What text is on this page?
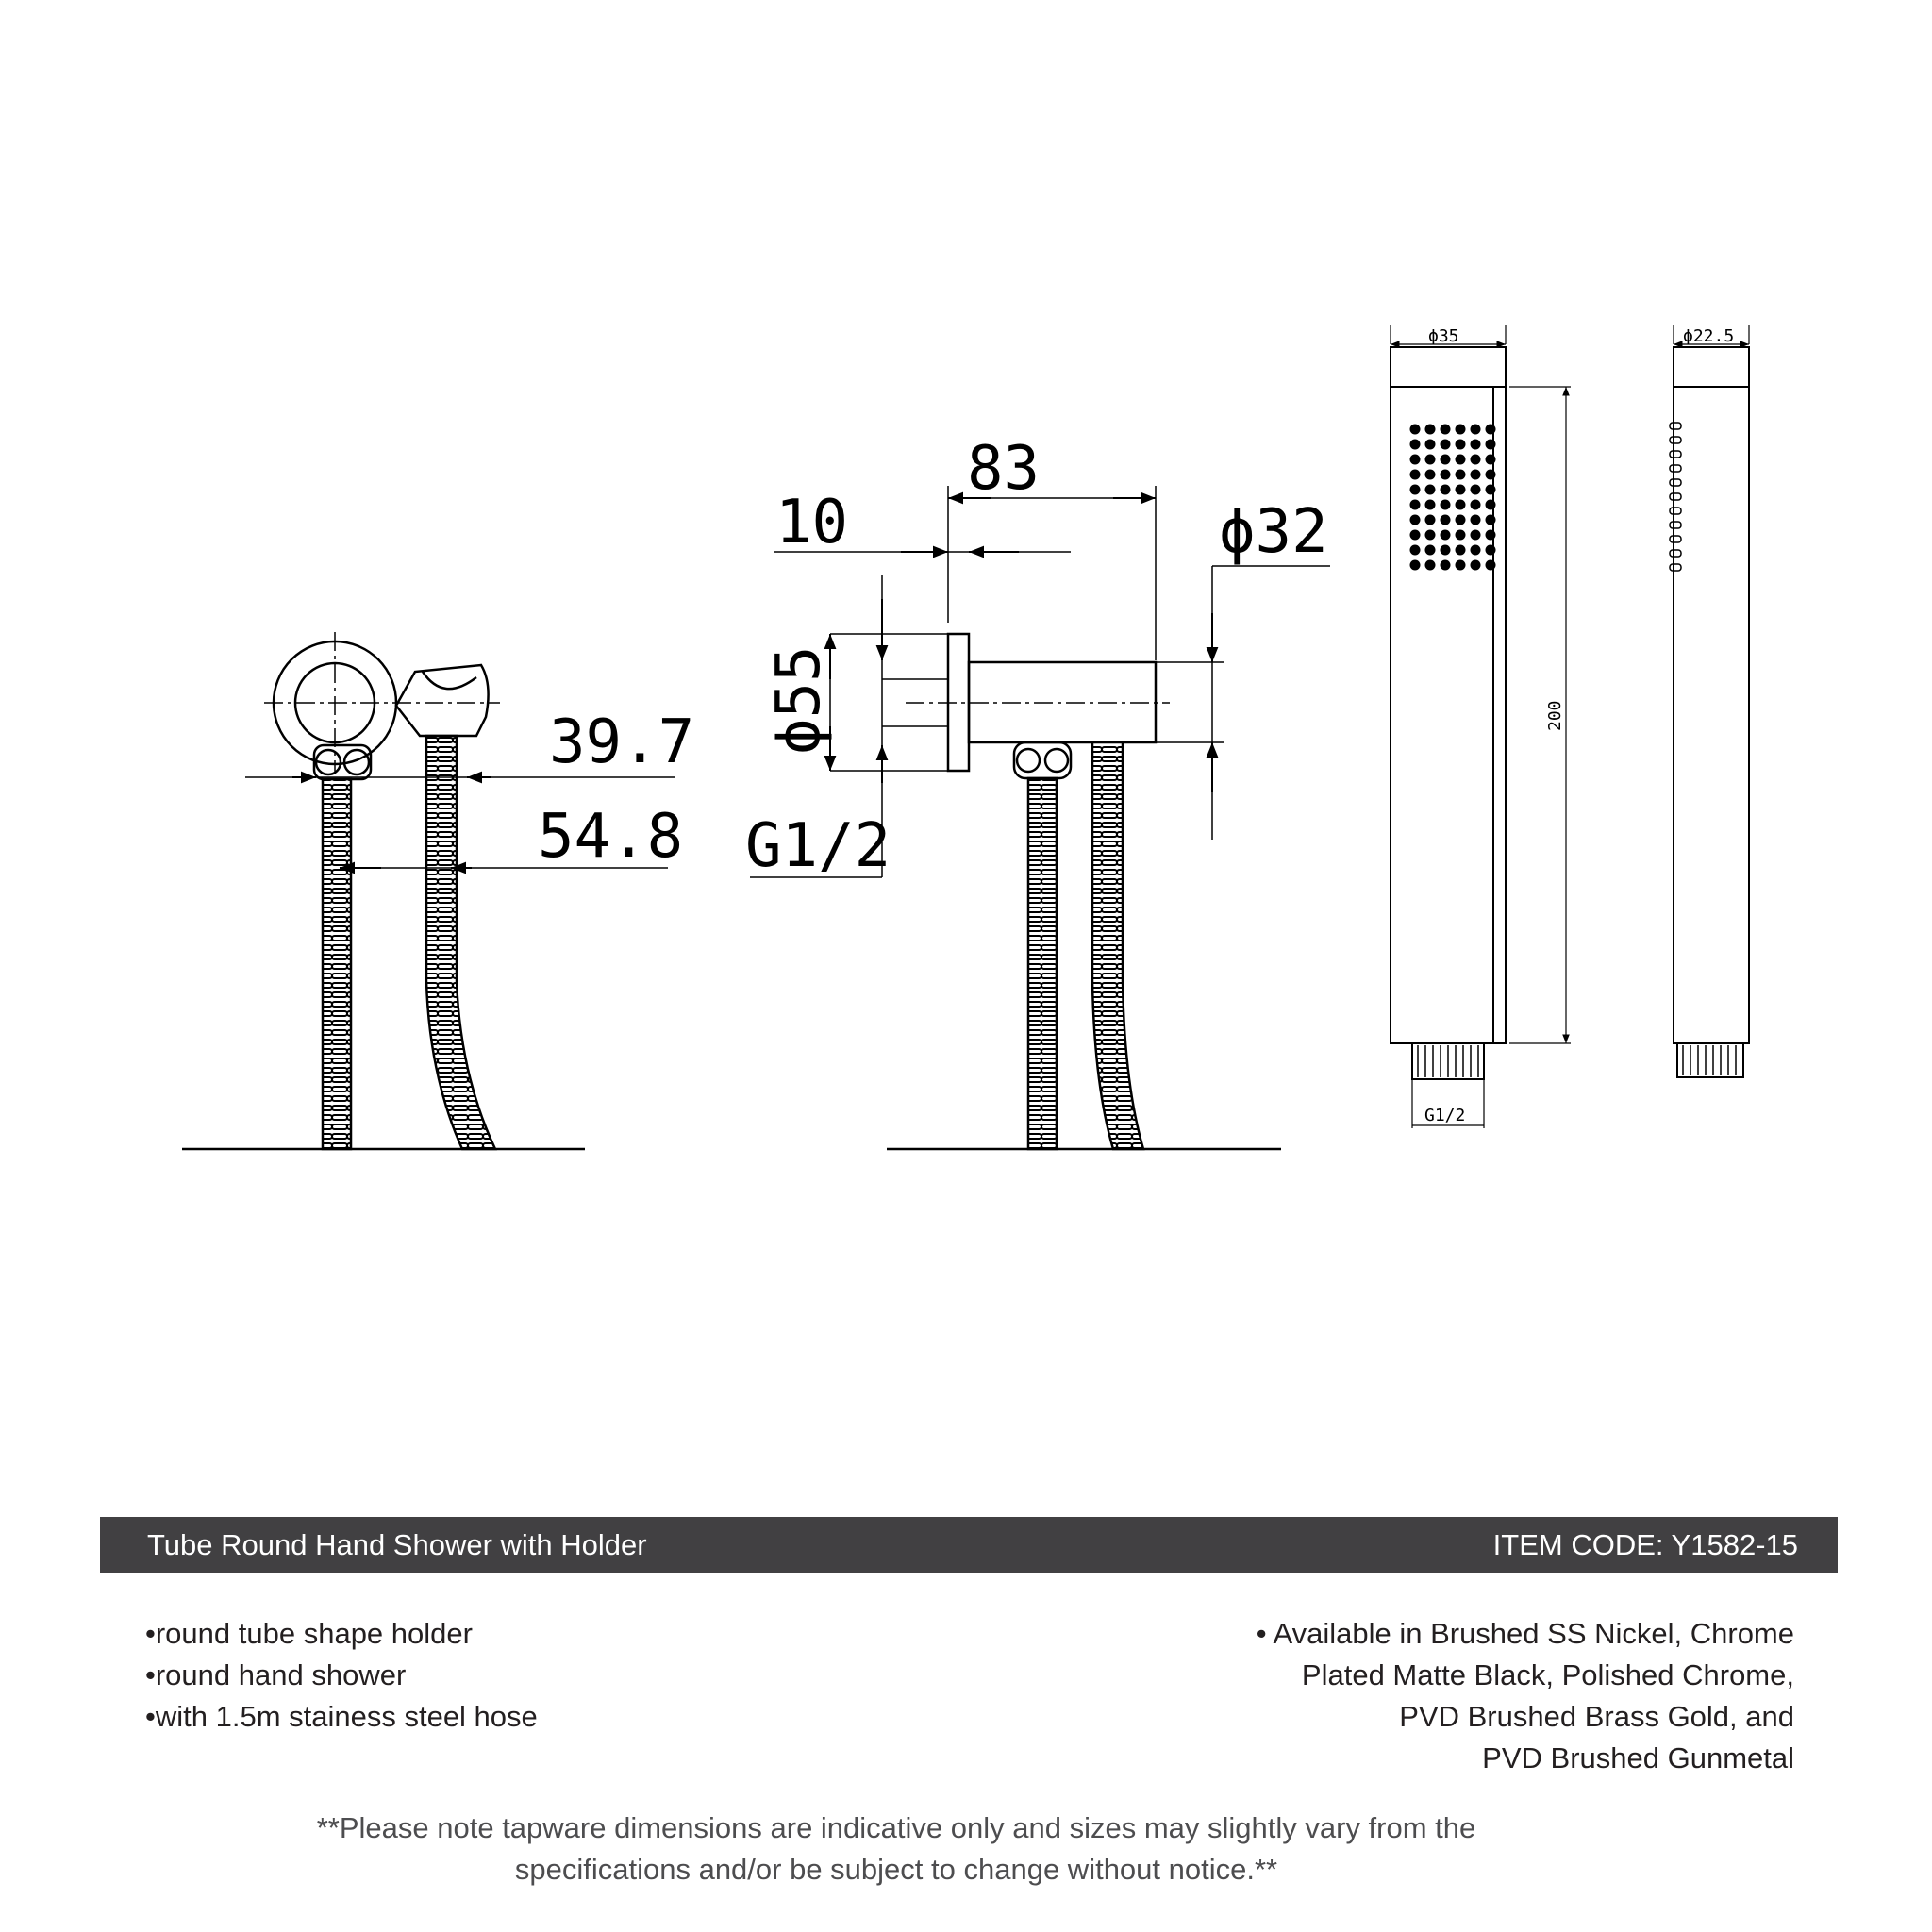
39.7
54.8
83
10	ϕ32
ϕ55
G1/2
ϕ35
200
G1/2
ϕ22.5
Tube Round Hand Shower with Holder	ITEM CODE: Y1582-15
• round tube shape holder
• round hand shower
• with 1.5m stainess steel hose
• Available in Brushed SS Nickel, Chrome
Plated Matte Black, Polished Chrome,
PVD Brushed Brass Gold, and
PVD Brushed Gunmetal
**Please note tapware dimensions are indicative only and sizes may slightly vary from the
specifications and/or be subject to change without notice.**
